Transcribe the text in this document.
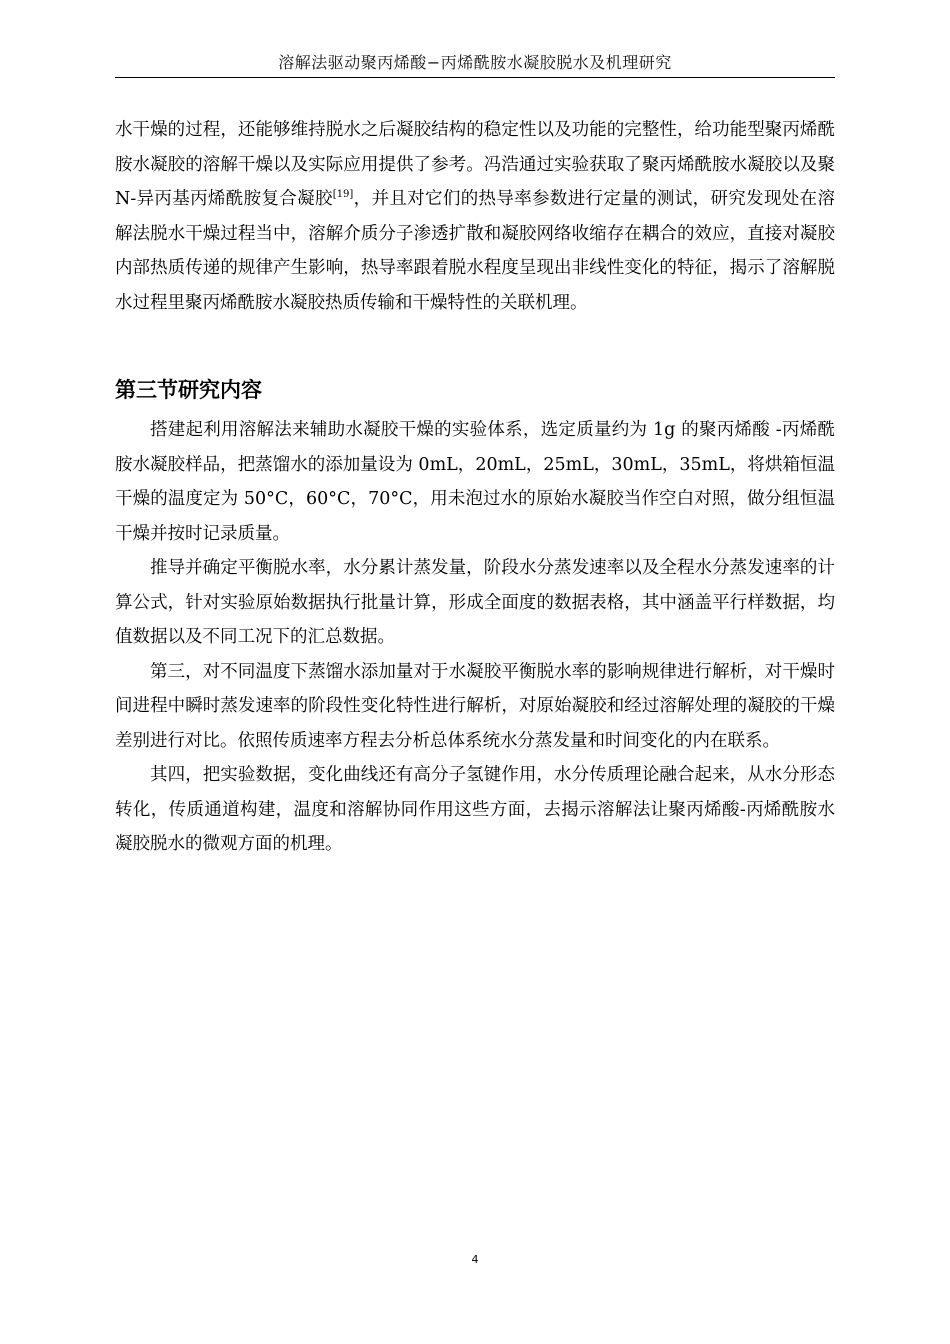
溶解法驱动聚丙烯酸−丙烯酰胺水凝胶脱水及机理研究

水干燥的过程，还能够维持脱水之后凝胶结构的稳定性以及功能的完整性，给功能型聚丙烯酰胺水凝胶的溶解干燥以及实际应用提供了参考。冯浩通过实验获取了聚丙烯酰胺水凝胶以及聚 N-异丙基丙烯酰胺复合凝胶[19]，并且对它们的热导率参数进行定量的测试，研究发现处在溶解法脱水干燥过程当中，溶解介质分子渗透扩散和凝胶网络收缩存在耦合的效应，直接对凝胶内部热质传递的规律产生影响，热导率跟着脱水程度呈现出非线性变化的特征，揭示了溶解脱水过程里聚丙烯酰胺水凝胶热质传输和干燥特性的关联机理。

第三节研究内容

搭建起利用溶解法来辅助水凝胶干燥的实验体系，选定质量约为 1g 的聚丙烯酸 -丙烯酰胺水凝胶样品，把蒸馏水的添加量设为 0mL，20mL，25mL，30mL，35mL，将烘箱恒温干燥的温度定为 50°C，60°C，70°C，用未泡过水的原始水凝胶当作空白对照，做分组恒温干燥并按时记录质量。

推导并确定平衡脱水率，水分累计蒸发量，阶段水分蒸发速率以及全程水分蒸发速率的计算公式，针对实验原始数据执行批量计算，形成全面度的数据表格，其中涵盖平行样数据，均值数据以及不同工况下的汇总数据。

第三，对不同温度下蒸馏水添加量对于水凝胶平衡脱水率的影响规律进行解析，对干燥时间进程中瞬时蒸发速率的阶段性变化特性进行解析，对原始凝胶和经过溶解处理的凝胶的干燥差别进行对比。依照传质速率方程去分析总体系统水分蒸发量和时间变化的内在联系。

其四，把实验数据，变化曲线还有高分子氢键作用，水分传质理论融合起来，从水分形态转化，传质通道构建，温度和溶解协同作用这些方面，去揭示溶解法让聚丙烯酸-丙烯酰胺水凝胶脱水的微观方面的机理。

4
